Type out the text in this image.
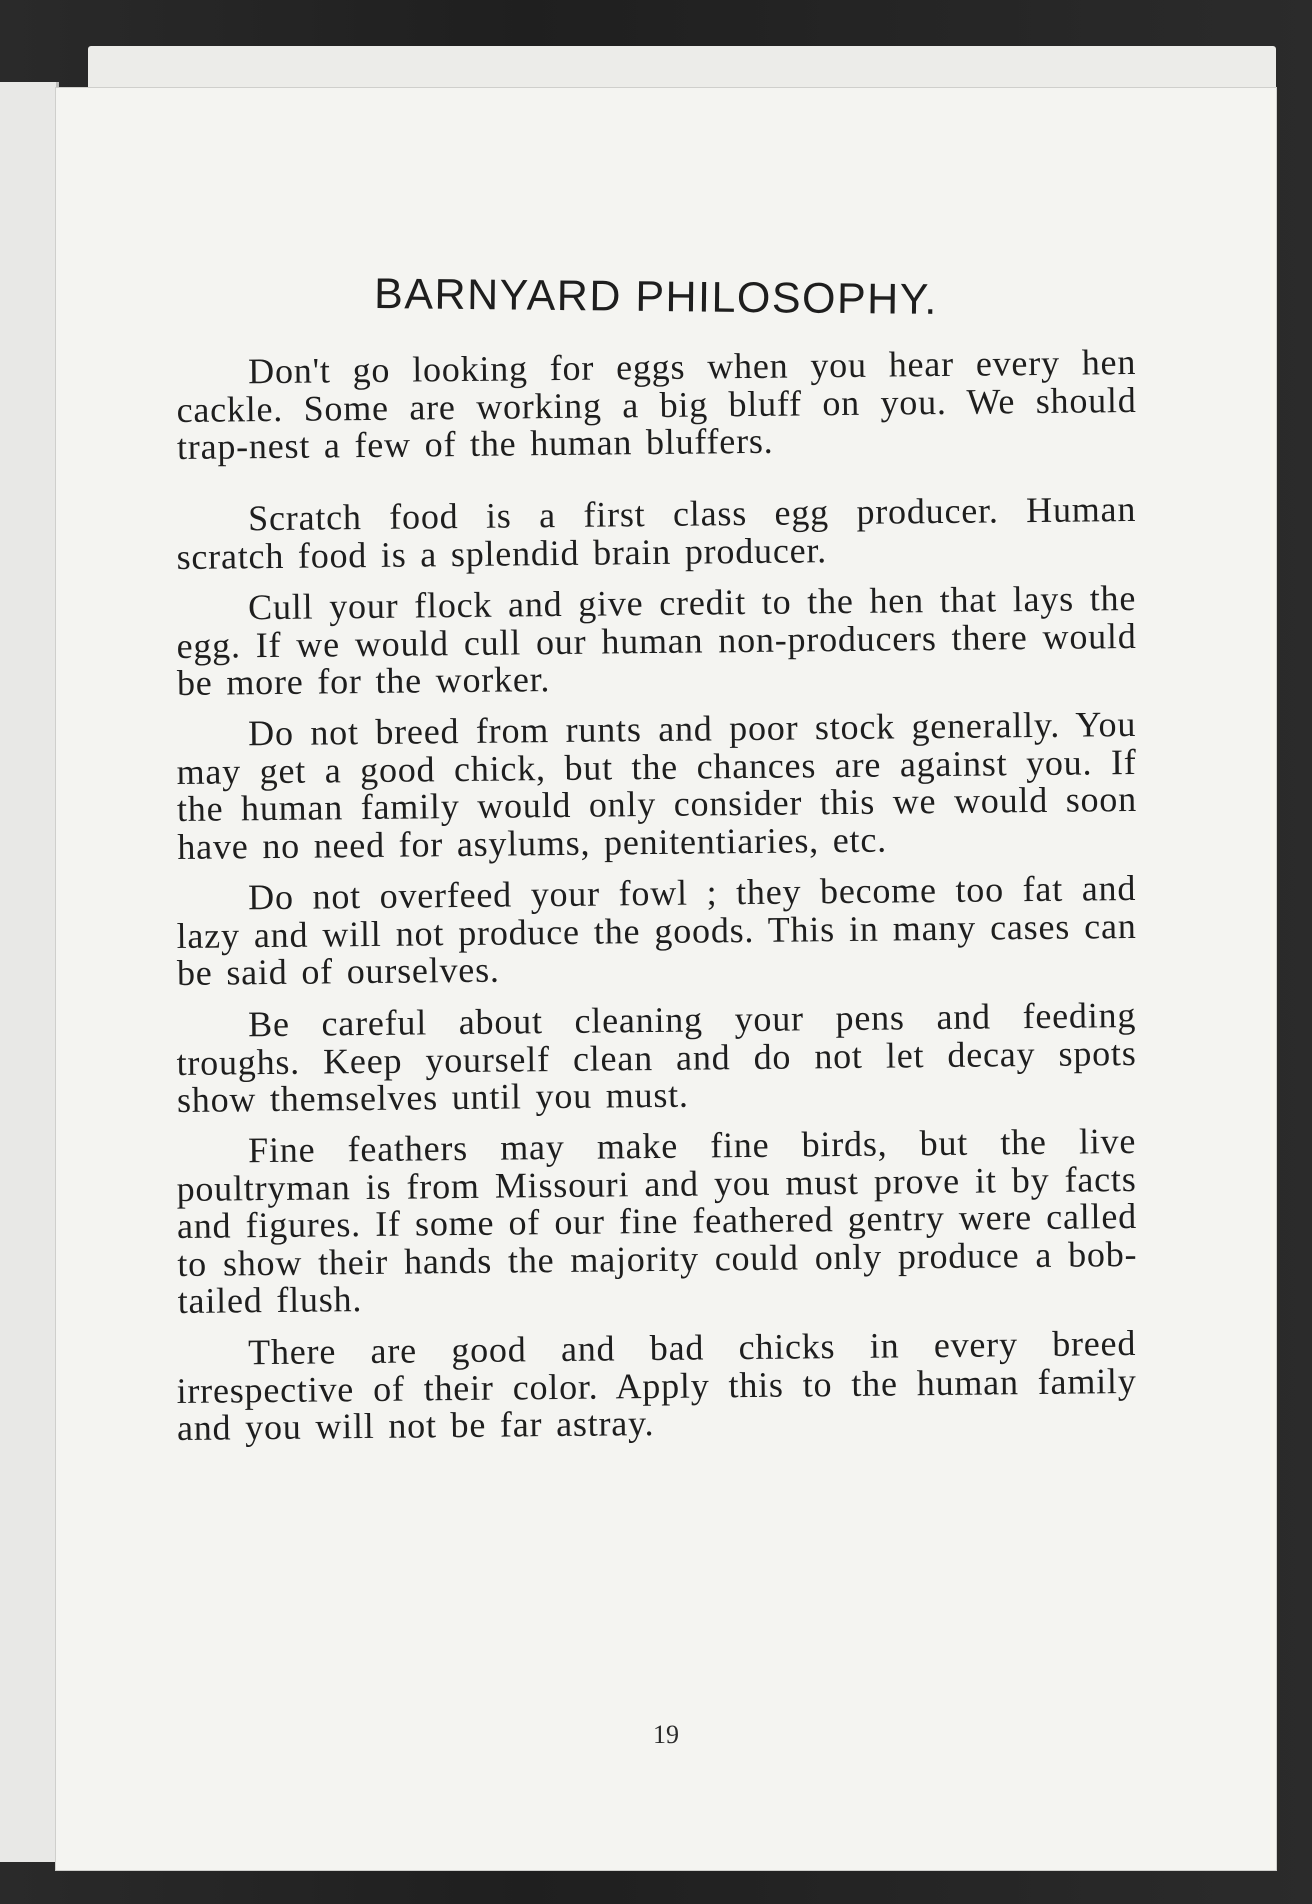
BARNYARD PHILOSOPHY.

Don't go looking for eggs when you hear every hen cackle. Some are working a big bluff on you. We should trap-nest a few of the human bluffers.

Scratch food is a first class egg producer. Human scratch food is a splendid brain producer.

Cull your flock and give credit to the hen that lays the egg. If we would cull our human non-producers there would be more for the worker.

Do not breed from runts and poor stock generally. You may get a good chick, but the chances are against you. If the human family would only consider this we would soon have no need for asylums, penitentiaries, etc.

Do not overfeed your fowl ; they become too fat and lazy and will not produce the goods. This in many cases can be said of ourselves.

Be careful about cleaning your pens and feeding troughs. Keep yourself clean and do not let decay spots show themselves until you must.

Fine feathers may make fine birds, but the live poultryman is from Missouri and you must prove it by facts and figures. If some of our fine feathered gentry were called to show their hands the majority could only produce a bob-tailed flush.

There are good and bad chicks in every breed irrespective of their color. Apply this to the human family and you will not be far astray.

19
